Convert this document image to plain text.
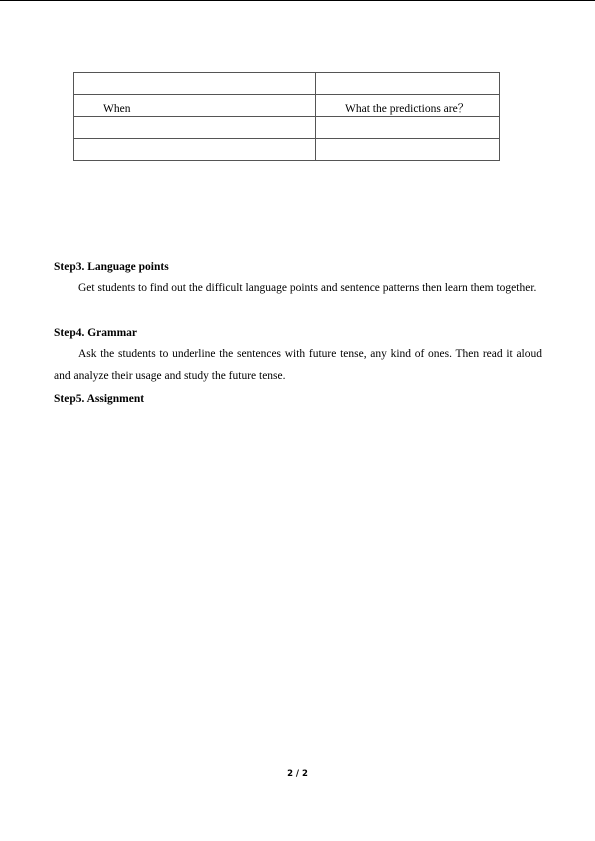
When	What the predictions are？

Step3. Language points
Get students to find out the difficult language points and sentence patterns then learn them together.
Step4. Grammar
Ask the students to underline the sentences with future tense, any kind of ones. Then read it aloud and analyze their usage and study the future tense.
Step5. Assignment
2 / 2
